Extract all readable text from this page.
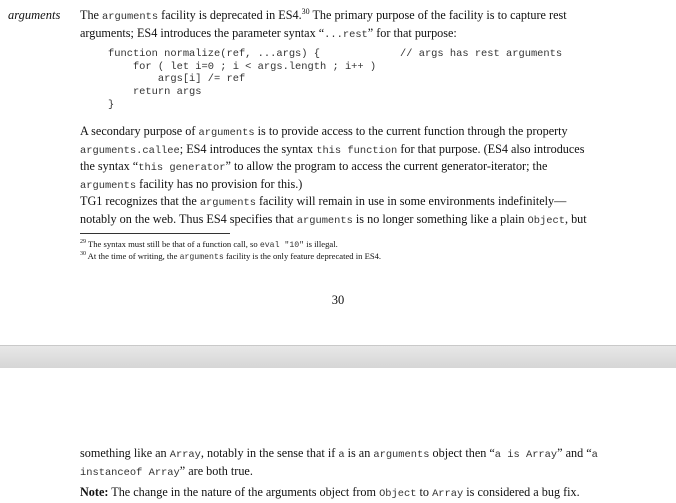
arguments The arguments facility is deprecated in ES4.30 The primary purpose of the facility is to capture rest
arguments; ES4 introduces the parameter syntax “...rest” for that purpose:
function normalize(ref, ...args) {
for ( let i=0 ; i < args.length ; i++ )
args[i] /= ref
return args
}
// args has rest arguments
A secondary purpose of arguments is to provide access to the current function through the property
arguments.callee; ES4 introduces the syntax this function for that purpose. (ES4 also introduces
the syntax “this generator” to allow the program to access the current generator-iterator; the
arguments facility has no provision for this.)
TG1 recognizes that the arguments facility will remain in use in some environments indefinitely—
notably on the web. Thus ES4 specifies that arguments is no longer something like a plain Object, but
$^{29}$ The syntax must still be that of a function call, so eval "10" is illegal.
$^{30}$ At the time of writing, the arguments facility is the only feature deprecated in ES4.
30
something like an Array, notably in the sense that if a is an arguments object then “a is Array” and “a
instanceof Array” are both true.
Note: The change in the nature of the arguments object from Object to Array is considered a bug fix.
